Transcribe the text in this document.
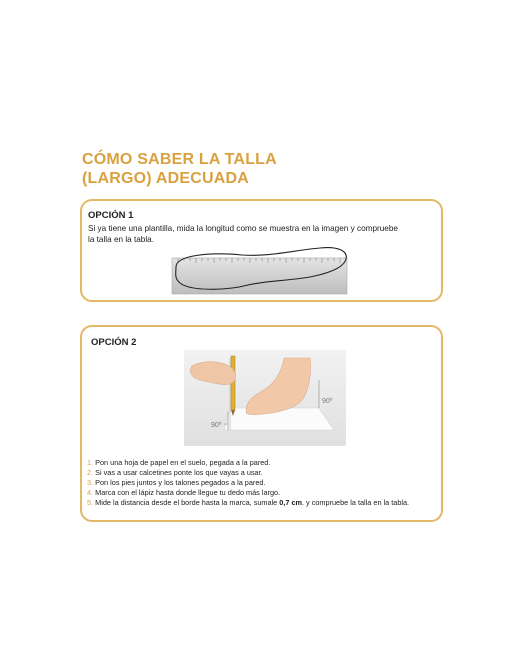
CÓMO SABER LA TALLA
(LARGO) ADECUADA
OPCIÓN 1
Si ya tiene una plantilla, mida la longitud como se muestra en la imagen y compruebe
la talla en la tabla.
OPCIÓN 2
90º
90º
1. Pon una hoja de papel en el suelo, pegada a la pared.
2. Si vas a usar calcetines ponte los que vayas a usar.
3. Pon los pies juntos y los talones pegados a la pared.
4. Marca con el lápiz hasta donde llegue tu dedo más largo.
5. Mide la distancia desde el borde hasta la marca, sumale 0,7 cm. y compruebe la talla en la tabla.
